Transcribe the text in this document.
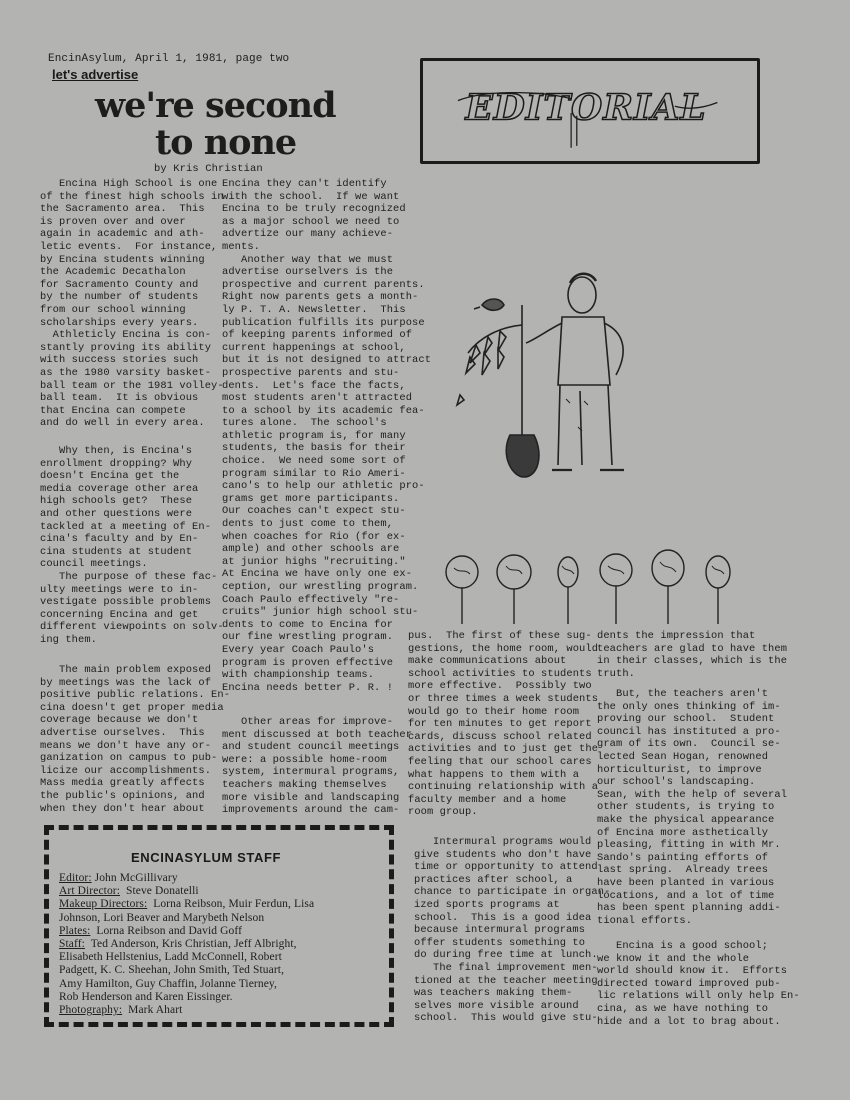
EncinAsylum, April 1, 1981, page two
let's advertise
we're second
to none
by Kris Christian
EDITORIAL
Encina High School is one
of the finest high schools in
the Sacramento area.  This
is proven over and over
again in academic and ath-
letic events.  For instance,
by Encina students winning
the Academic Decathalon
for Sacramento County and
by the number of students
from our school winning
scholarships every years.
Athleticly Encina is con-
stantly proving its ability
with success stories such
as the 1980 varsity basket-
ball team or the 1981 volley-
ball team.  It is obvious
that Encina can compete
and do well in every area.
Why then, is Encina's
enrollment dropping? Why
doesn't Encina get the
media coverage other area
high schools get?  These
and other questions were
tackled at a meeting of En-
cina's faculty and by En-
cina students at student
council meetings.
The purpose of these fac-
ulty meetings were to in-
vestigate possible problems
concerning Encina and get
different viewpoints on solv-
ing them.
The main problem exposed
by meetings was the lack of
positive public relations. En-
cina doesn't get proper media
coverage because we don't
advertise ourselves.  This
means we don't have any or-
ganization on campus to pub-
licize our accomplishments.
Mass media greatly affects
the public's opinions, and
when they don't hear about
Encina they can't identify
with the school.  If we want
Encina to be truly recognized
as a major school we need to
advertize our many achieve-
ments.
Another way that we must
advertise ourselvers is the
prospective and current parents.
Right now parents gets a month-
ly P. T. A. Newsletter.  This
publication fulfills its purpose
of keeping parents informed of
current happenings at school,
but it is not designed to attract
prospective parents and stu-
dents.  Let's face the facts,
most students aren't attracted
to a school by its academic fea-
tures alone.  The school's
athletic program is, for many
students, the basis for their
choice.  We need some sort of
program similar to Rio Ameri-
cano's to help our athletic pro-
grams get more participants.
Our coaches can't expect stu-
dents to just come to them,
when coaches for Rio (for ex-
ample) and other schools are
at junior highs "recruiting."
At Encina we have only one ex-
ception, our wrestling program.
Coach Paulo effectively "re-
cruits" junior high school stu-
dents to come to Encina for
our fine wrestling program.
Every year Coach Paulo's
program is proven effective
with championship teams.
Encina needs better P. R. !
Other areas for improve-
ment discussed at both teacher
and student council meetings
were: a possible home-room
system, intermural programs,
teachers making themselves
more visible and landscaping
improvements around the cam-
pus.  The first of these sug-
gestions, the home room, would
make communications about
school activities to students
more effective.  Possibly two
or three times a week students
would go to their home room
for ten minutes to get report
cards, discuss school related
activities and to just get the
feeling that our school cares
what happens to them with a
continuing relationship with a
faculty member and a home
room group.
Intermural programs would
give students who don't have
time or opportunity to attend
practices after school, a
chance to participate in organ-
ized sports programs at
school.  This is a good idea
because intermural programs
offer students something to
do during free time at lunch.
The final improvement men-
tioned at the teacher meeting
was teachers making them-
selves more visible around
school.  This would give stu-
dents the impression that
teachers are glad to have them
in their classes, which is the
truth.
But, the teachers aren't
the only ones thinking of im-
proving our school.  Student
council has instituted a pro-
gram of its own.  Council se-
lected Sean Hogan, renowned
horticulturist, to improve
our school's landscaping.
Sean, with the help of several
other students, is trying to
make the physical appearance
of Encina more asthetically
pleasing, fitting in with Mr.
Sando's painting efforts of
last spring.  Already trees
have been planted in various
locations, and a lot of time
has been spent planning addi-
tional efforts.
Encina is a good school;
we know it and the whole
world should know it.  Efforts
directed toward improved pub-
lic relations will only help En-
cina, as we have nothing to
hide and a lot to brag about.
ENCINASYLUM STAFF
Editor: John McGillivary
Art Director:  Steve Donatelli
Makeup Directors:  Lorna Reibson, Muir Ferdun, Lisa
Johnson, Lori Beaver and Marybeth Nelson
Plates:  Lorna Reibson and David Goff
Staff:  Ted Anderson, Kris Christian, Jeff Albright,
Elisabeth Hellstenius, Ladd McConnell, Robert
Padgett, K. C. Sheehan, John Smith, Ted Stuart,
Amy Hamilton, Guy Chaffin, Jolanne Tierney,
Rob Henderson and Karen Eissinger.
Photography:  Mark Ahart
